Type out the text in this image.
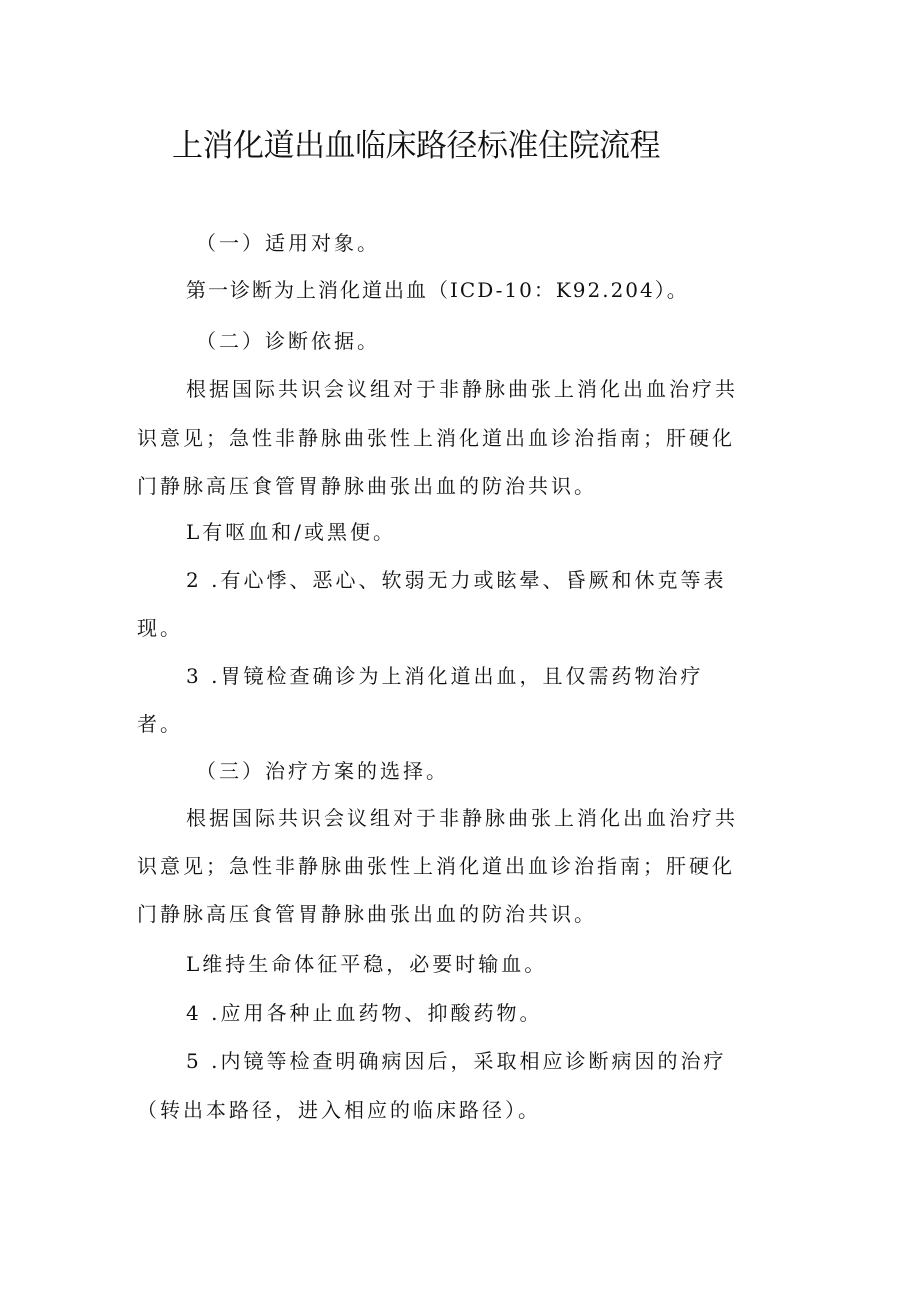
上消化道出血临床路径标准住院流程
（一）适用对象。
第一诊断为上消化道出血（ICD-10：K92.204）。
（二）诊断依据。
根据国际共识会议组对于非静脉曲张上消化出血治疗共
识意见；急性非静脉曲张性上消化道出血诊治指南；肝硬化
门静脉高压食管胃静脉曲张出血的防治共识。
L有呕血和/或黑便。
2 .有心悸、恶心、软弱无力或眩晕、昏厥和休克等表
现。
3 .胃镜检查确诊为上消化道出血，且仅需药物治疗
者。
（三）治疗方案的选择。
根据国际共识会议组对于非静脉曲张上消化出血治疗共
识意见；急性非静脉曲张性上消化道出血诊治指南；肝硬化
门静脉高压食管胃静脉曲张出血的防治共识。
L维持生命体征平稳，必要时输血。
4 .应用各种止血药物、抑酸药物。
5 .内镜等检查明确病因后，采取相应诊断病因的治疗
（转出本路径，进入相应的临床路径）。
